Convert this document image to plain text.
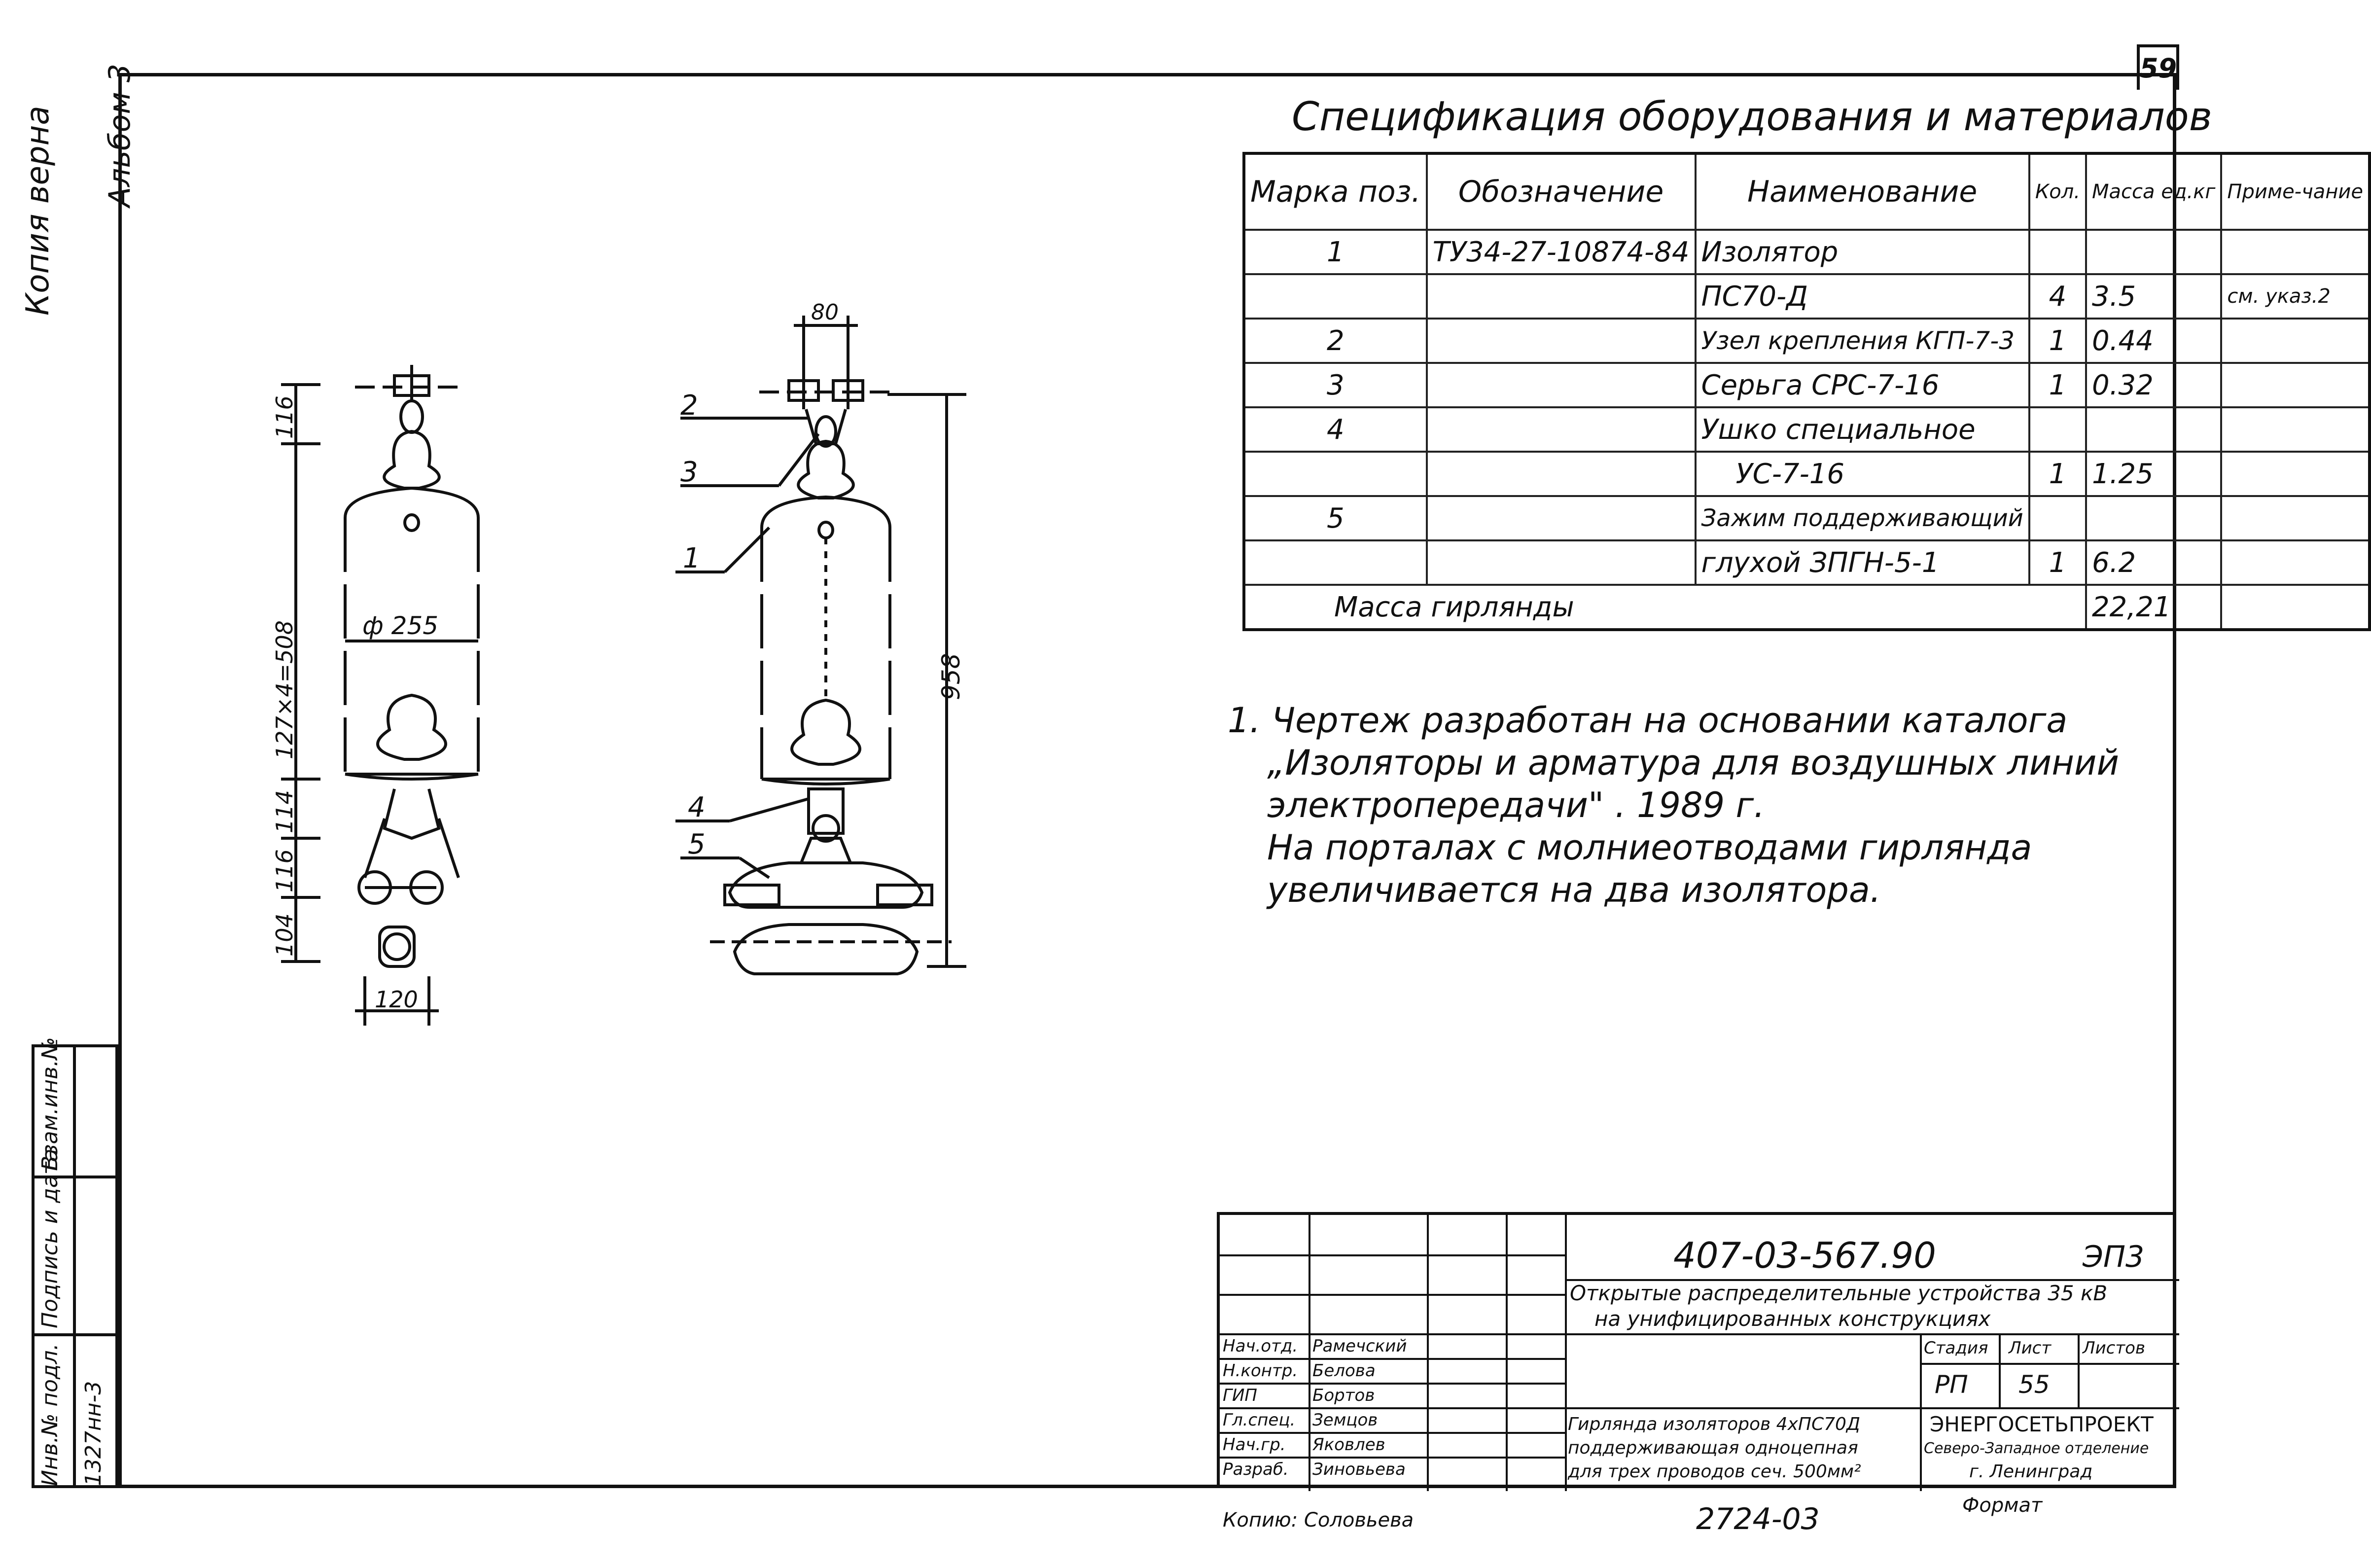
59
Копия верна Альбом 3
Инв.№ подл.
Подпись и дата
Взам.инв.№
1327нн-3
Спецификация оборудования и материалов
Марка поз.	Обозначение	Наименование	Кол.	Масса ед.кг	Приме-чание
1	ТУ34-27-10874-84	Изолятор			
		ПС70-Д	4	3.5	см. указ.2
2		Узел крепления КГП-7-3	1	0.44	
3		Серьга СРС-7-16	1	0.32	
4		Ушко специальное			
		УС-7-16	1	1.25	
5		Зажим поддерживающий			
		глухой ЗПГН-5-1	1	6.2	
Масса гирлянды				22,21	
1. Чертеж разработан на основании каталога
„Изоляторы и арматура для воздушных линий
электропередачи" . 1989 г.
На порталах с молниеотводами гирлянда
увеличивается на два изолятора.
116
127×4=508
114
116
104
120
ф 255
80
958
2
3
1
4
5
407-03-567.90	ЭП3
Открытые распределительные устройства 35 кВ
на унифицированных конструкциях
Стадия Лист Листов
РП 55
Нач.отд. Рамечский
Н.контр. Белова
ГИП	Бортов
Гл.спец. Земцов
Нач.гр. Яковлев
Разраб. Зиновьева
Гирлянда изоляторов 4хПС70Д
поддерживающая одноцепная
для трех проводов сеч. 500мм²
ЭНЕРГОСЕТЬПРОЕКТ
Северо-Западное отделение
г. Ленинград
Копию: Соловьева	2724-03	Формат
